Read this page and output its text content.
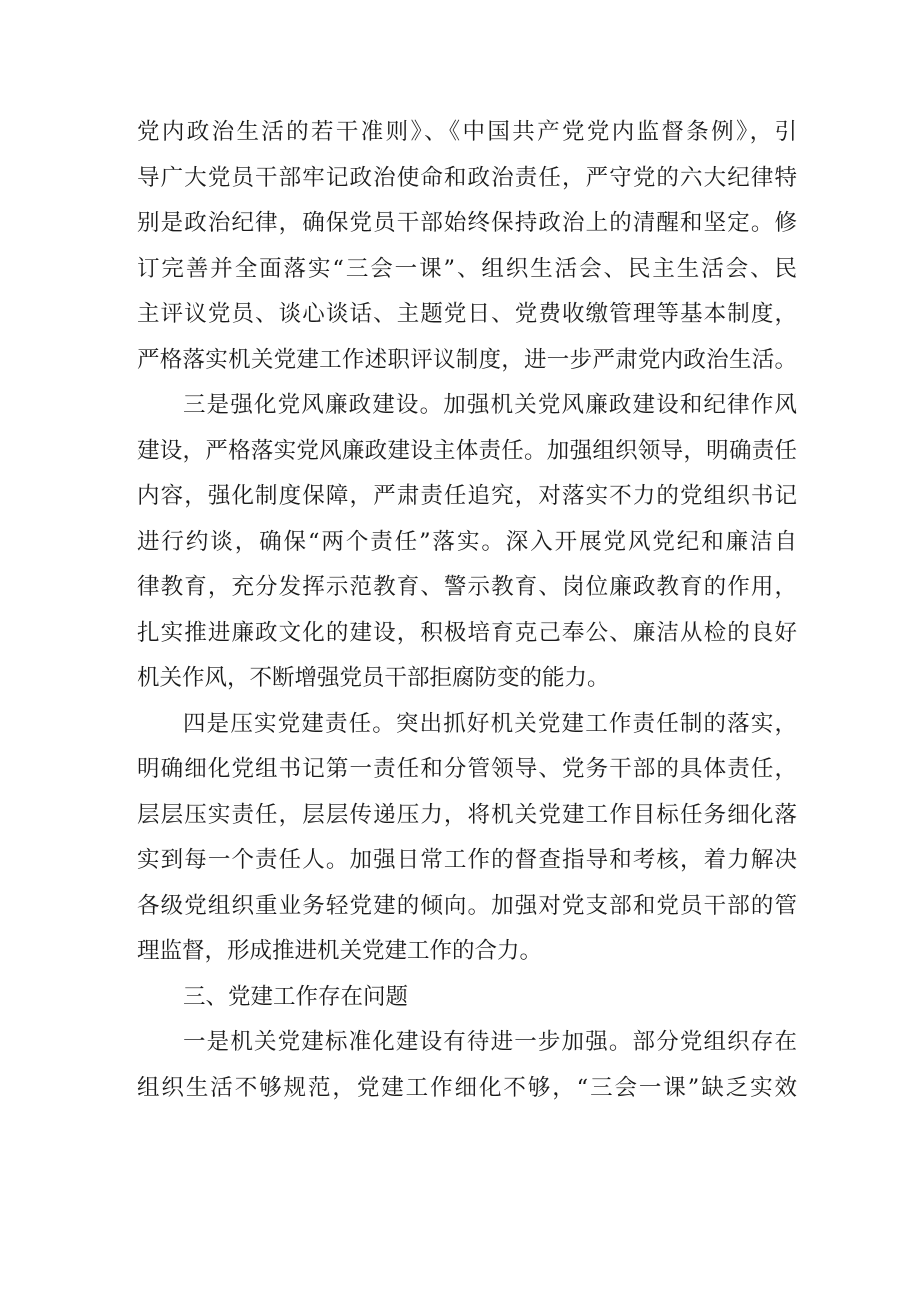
党内政治生活的若干准则》、《中国共产党党内监督条例》，引
导广大党员干部牢记政治使命和政治责任，严守党的六大纪律特
别是政治纪律，确保党员干部始终保持政治上的清醒和坚定。修
订完善并全面落实“三会一课”、组织生活会、民主生活会、民
主评议党员、谈心谈话、主题党日、党费收缴管理等基本制度，
严格落实机关党建工作述职评议制度，进一步严肃党内政治生活。
三是强化党风廉政建设。加强机关党风廉政建设和纪律作风
建设，严格落实党风廉政建设主体责任。加强组织领导，明确责任
内容，强化制度保障，严肃责任追究，对落实不力的党组织书记
进行约谈，确保“两个责任”落实。深入开展党风党纪和廉洁自
律教育，充分发挥示范教育、警示教育、岗位廉政教育的作用，
扎实推进廉政文化的建设，积极培育克己奉公、廉洁从检的良好
机关作风，不断增强党员干部拒腐防变的能力。
四是压实党建责任。突出抓好机关党建工作责任制的落实，
明确细化党组书记第一责任和分管领导、党务干部的具体责任，
层层压实责任，层层传递压力，将机关党建工作目标任务细化落
实到每一个责任人。加强日常工作的督查指导和考核，着力解决
各级党组织重业务轻党建的倾向。加强对党支部和党员干部的管
理监督，形成推进机关党建工作的合力。
三、党建工作存在问题
一是机关党建标准化建设有待进一步加强。部分党组织存在
组织生活不够规范，党建工作细化不够，“三会一课”缺乏实效
